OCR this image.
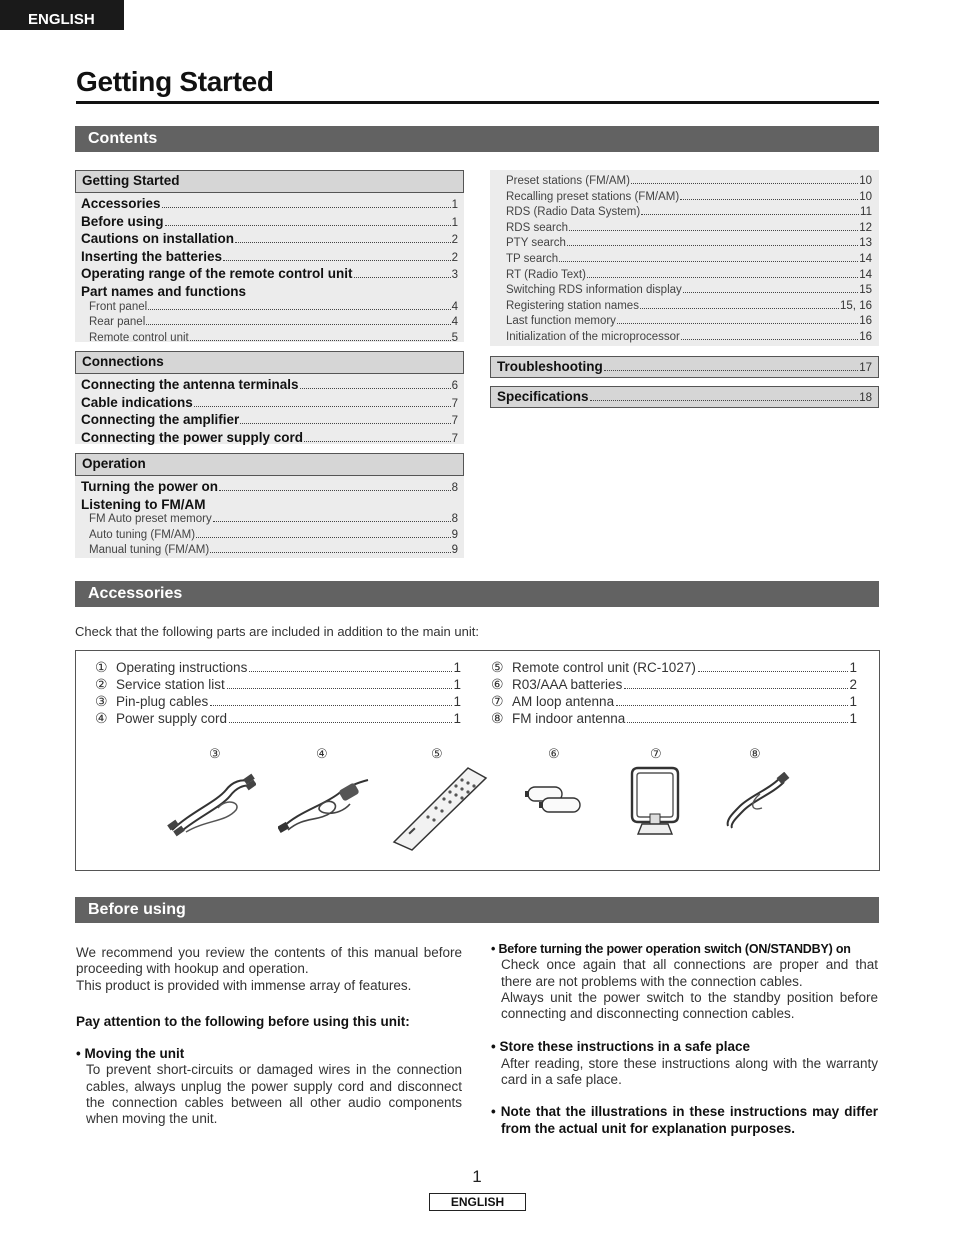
ENGLISH
Getting Started
Contents
Getting Started
Accessories	1
Before using	1
Cautions on installation	2
Inserting the batteries	2
Operating range of the remote control unit	3
Part names and functions
Front panel	4
Rear panel	4
Remote control unit	5
Connections
Connecting the antenna terminals	6
Cable indications	7
Connecting the amplifier	7
Connecting the power supply cord	7
Operation
Turning the power on	8
Listening to FM/AM
FM Auto preset memory	8
Auto tuning (FM/AM)	9
Manual tuning (FM/AM)	9
Preset stations (FM/AM)	10
Recalling preset stations (FM/AM)	10
RDS (Radio Data System)	11
RDS search	12
PTY search	13
TP search	14
RT (Radio Text)	14
Switching RDS information display	15
Registering station names	15, 16
Last function memory	16
Initialization of the microprocessor	16
Troubleshooting	17
Specifications	18
Accessories
Check that the following parts are included in addition to the main unit:
① Operating instructions	1
② Service station list	1
③ Pin-plug cables	1
④ Power supply cord	1
⑤ Remote control unit (RC-1027)	1
⑥ R03/AAA batteries	2
⑦ AM loop antenna	1
⑧ FM indoor antenna	1
③	④	⑤	⑥	⑦	⑧
Before using

We recommend you review the contents of this manual before proceeding with hookup and operation.

This product is provided with immense array of features.

Pay attention to the following before using this unit:

• Moving the unit

To prevent short-circuits or damaged wires in the connection cables, always unplug the power supply cord and disconnect the connection cables between all other audio components when moving the unit.

• Before turning the power operation switch (ON/STANDBY) on

Check once again that all connections are proper and that there are not problems with the connection cables.

Always unit the power switch to the standby position before connecting and disconnecting connection cables.

• Store these instructions in a safe place

After reading, store these instructions along with the warranty card in a safe place.

• Note that the illustrations in these instructions may differ from the actual unit for explanation purposes.

1
ENGLISH
